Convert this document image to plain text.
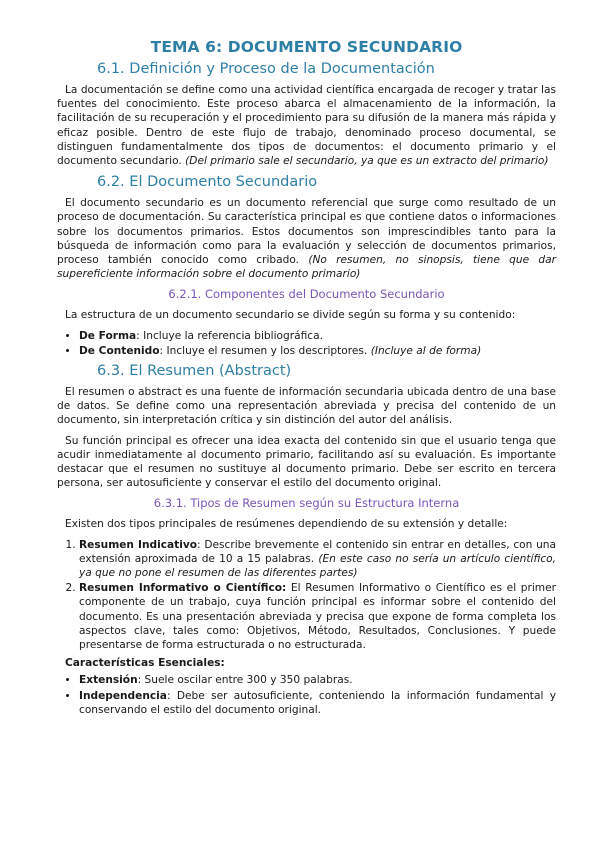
TEMA 6: DOCUMENTO SECUNDARIO
6.1. Definición y Proceso de la Documentación

La documentación se define como una actividad científica encargada de recoger y tratar las fuentes del conocimiento. Este proceso abarca el almacenamiento de la información, la facilitación de su recuperación y el procedimiento para su difusión de la manera más rápida y eficaz posible. Dentro de este flujo de trabajo, denominado proceso documental, se distinguen fundamentalmente dos tipos de documentos: el documento primario y el documento secundario. (Del primario sale el secundario, ya que es un extracto del primario)

6.2. El Documento Secundario

El documento secundario es un documento referencial que surge como resultado de un proceso de documentación. Su característica principal es que contiene datos o informaciones sobre los documentos primarios. Estos documentos son imprescindibles tanto para la búsqueda de información como para la evaluación y selección de documentos primarios, proceso también conocido como cribado. (No resumen, no sinopsis, tiene que dar supereficiente información sobre el documento primario)

6.2.1. Componentes del Documento Secundario

La estructura de un documento secundario se divide según su forma y su contenido:

• De Forma: Incluye la referencia bibliográfica.
• De Contenido: Incluye el resumen y los descriptores. (Incluye al de forma)
6.3. El Resumen (Abstract)

El resumen o abstract es una fuente de información secundaria ubicada dentro de una base de datos. Se define como una representación abreviada y precisa del contenido de un documento, sin interpretación crítica y sin distinción del autor del análisis.

Su función principal es ofrecer una idea exacta del contenido sin que el usuario tenga que acudir inmediatamente al documento primario, facilitando así su evaluación. Es importante destacar que el resumen no sustituye al documento primario. Debe ser escrito en tercera persona, ser autosuficiente y conservar el estilo del documento original.

6.3.1. Tipos de Resumen según su Estructura Interna

Existen dos tipos principales de resúmenes dependiendo de su extensión y detalle:

1. Resumen Indicativo: Describe brevemente el contenido sin entrar en detalles, con una extensión aproximada de 10 a 15 palabras. (En este caso no sería un artículo científico, ya que no pone el resumen de las diferentes partes)
2. Resumen Informativo o Científico: El Resumen Informativo o Científico es el primer componente de un trabajo, cuya función principal es informar sobre el contenido del documento. Es una presentación abreviada y precisa que expone de forma completa los aspectos clave, tales como: Objetivos, Método, Resultados, Conclusiones. Y puede presentarse de forma estructurada o no estructurada.
Características Esenciales:
• Extensión: Suele oscilar entre 300 y 350 palabras.
• Independencia: Debe ser autosuficiente, conteniendo la información fundamental y conservando el estilo del documento original.
